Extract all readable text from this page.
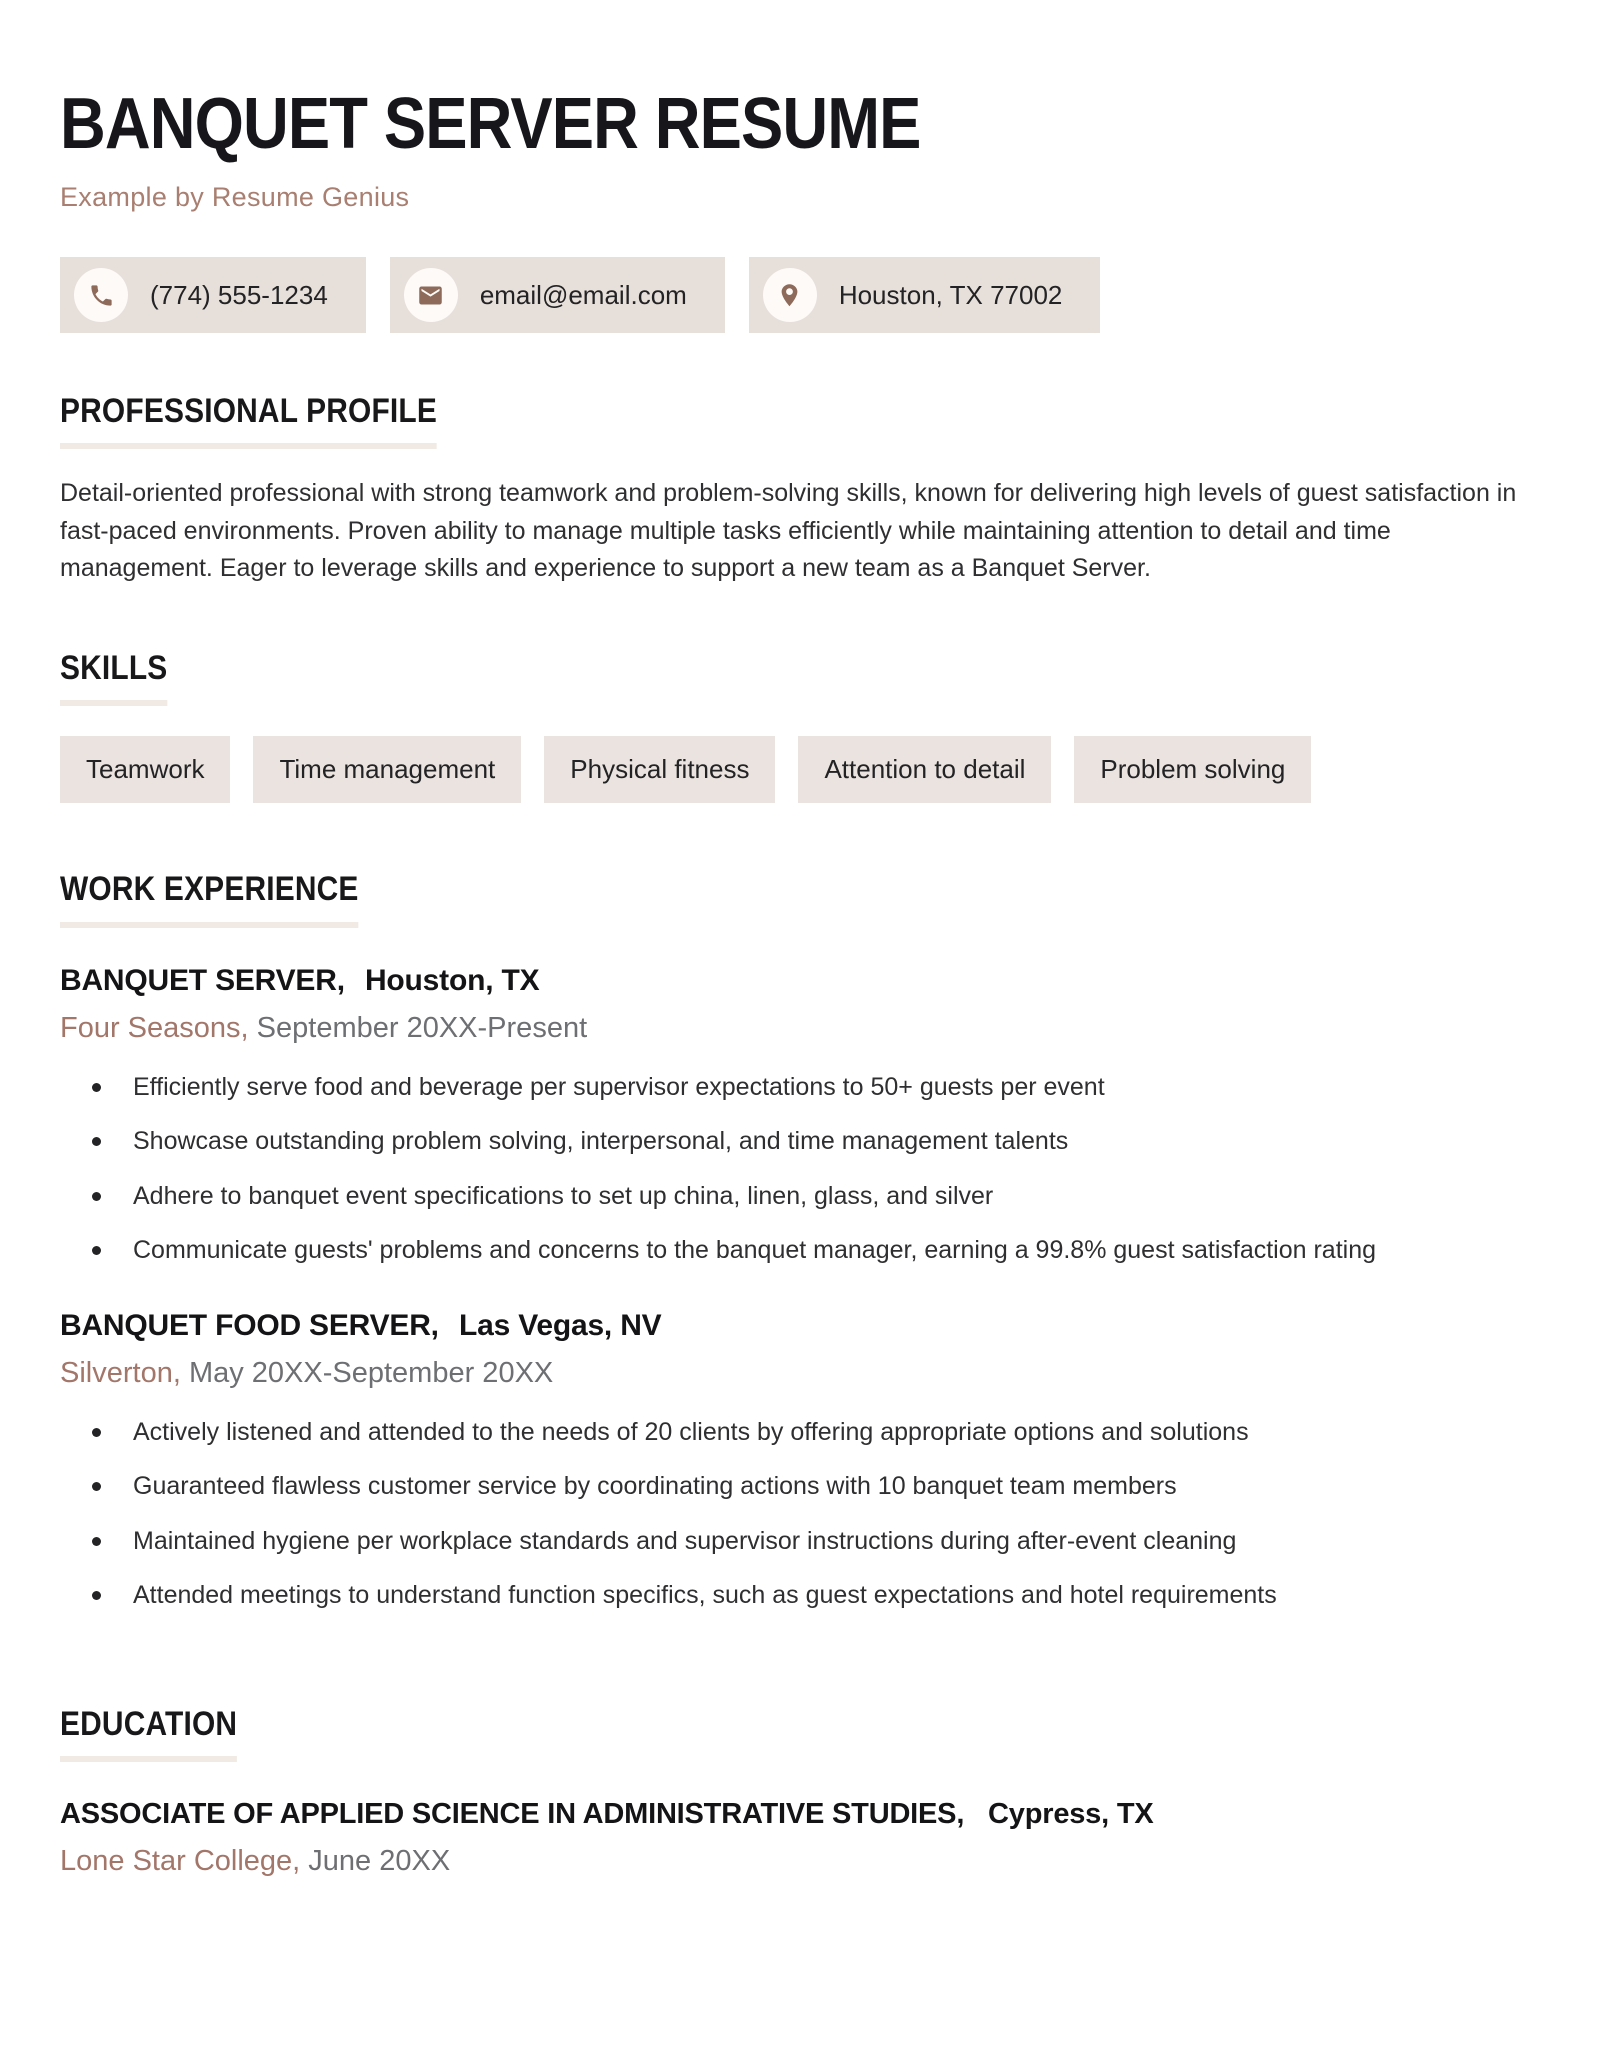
BANQUET SERVER RESUME
Example by Resume Genius
(774) 555-1234	email@email.com	Houston, TX 77002
PROFESSIONAL PROFILE

Detail-oriented professional with strong teamwork and problem-solving skills, known for delivering high levels of guest satisfaction in fast-paced environments. Proven ability to manage multiple tasks efficiently while maintaining attention to detail and time management. Eager to leverage skills and experience to support a new team as a Banquet Server.

SKILLS
Teamwork	Time management	Physical fitness	Attention to detail	Problem solving
WORK EXPERIENCE
BANQUET SERVER, Houston, TX
Four Seasons, September 20XX-Present
Efficiently serve food and beverage per supervisor expectations to 50+ guests per event
Showcase outstanding problem solving, interpersonal, and time management talents
Adhere to banquet event specifications to set up china, linen, glass, and silver
Communicate guests' problems and concerns to the banquet manager, earning a 99.8% guest satisfaction rating
BANQUET FOOD SERVER, Las Vegas, NV
Silverton, May 20XX-September 20XX
Actively listened and attended to the needs of 20 clients by offering appropriate options and solutions
Guaranteed flawless customer service by coordinating actions with 10 banquet team members
Maintained hygiene per workplace standards and supervisor instructions during after-event cleaning
Attended meetings to understand function specifics, such as guest expectations and hotel requirements
EDUCATION
ASSOCIATE OF APPLIED SCIENCE IN ADMINISTRATIVE STUDIES, Cypress, TX
Lone Star College, June 20XX
